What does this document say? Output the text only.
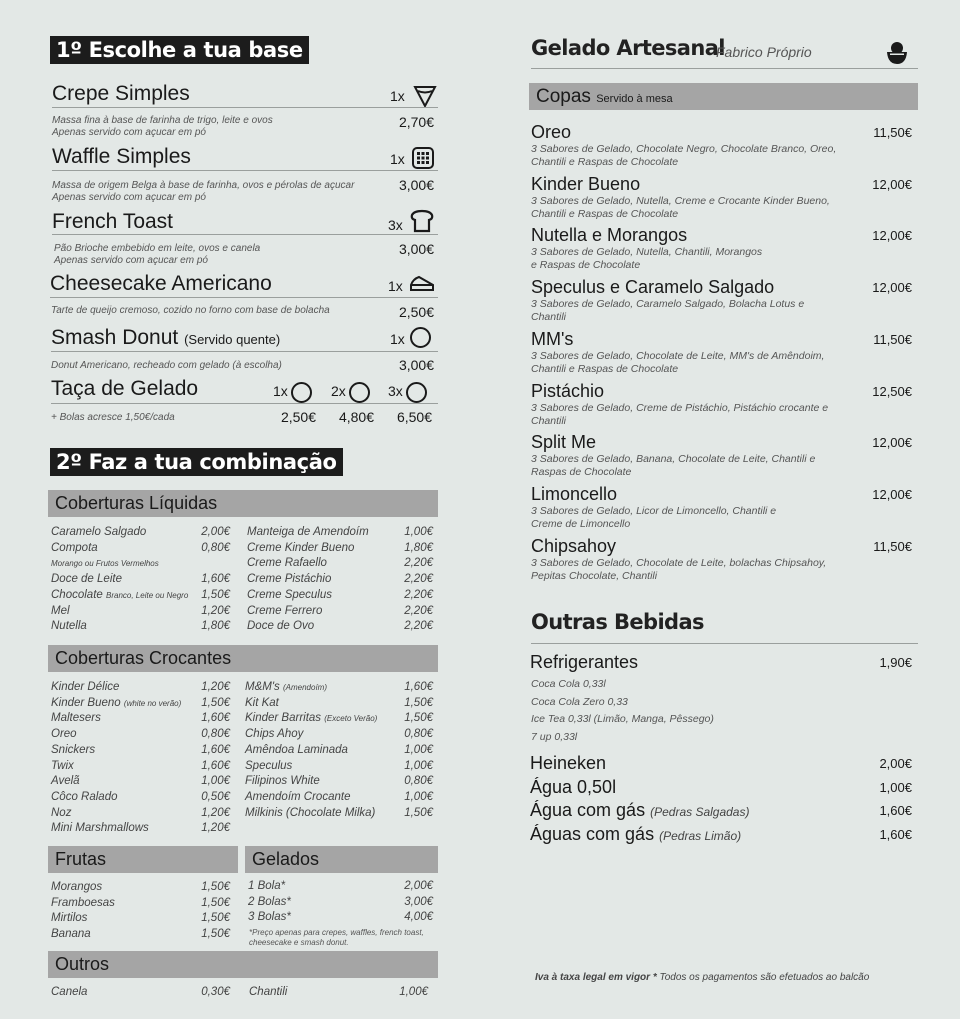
1º Escolhe a tua base
Crepe Simples	1x
Massa fina à base de farinha de trigo, leite e ovos
Apenas servido com açucar em pó
2,70€
Waffle Simples	1x
Massa de origem Belga à base de farinha, ovos e pérolas de açucar
Apenas servido com açucar em pó
3,00€
French Toast	3x
Pão Brioche embebido em leite, ovos e canela
Apenas servido com açucar em pó
3,00€
Cheesecake Americano	1x
Tarte de queijo cremoso, cozido no forno com base de bolacha	2,50€
Smash Donut (Servido quente)	1x
Donut Americano, recheado com gelado (à escolha)	3,00€
Taça de Gelado	1x	2x	3x
+ Bolas acresce 1,50€/cada	2,50€	4,80€	6,50€
2º Faz a tua combinação
Coberturas Líquidas
Caramelo Salgado	2,00€
Compota	0,80€
Morango ou Frutos Vermelhos
Doce de Leite	1,60€
Chocolate Branco, Leite ou Negro	1,50€
Mel	1,20€
Nutella	1,80€
Manteiga de Amendoím	1,00€
Creme Kinder Bueno	1,80€
Creme Rafaello	2,20€
Creme Pistáchio	2,20€
Creme Speculus	2,20€
Creme Ferrero	2,20€
Doce de Ovo	2,20€
Coberturas Crocantes
Kinder Délice	1,20€
Kinder Bueno (white no verão)	1,50€
Maltesers	1,60€
Oreo	0,80€
Snickers	1,60€
Twix	1,60€
Avelã	1,00€
Côco Ralado	0,50€
Noz	1,20€
Mini Marshmallows	1,20€
M&M's (Amendoím)	1,60€
Kit Kat	1,50€
Kinder Barritas (Exceto Verão)	1,50€
Chips Ahoy	0,80€
Amêndoa Laminada	1,00€
Speculus	1,00€
Filipinos White	0,80€
Amendoím Crocante	1,00€
Milkinis (Chocolate Milka)	1,50€
Frutas	Gelados
Morangos	1,50€
Framboesas	1,50€
Mirtilos	1,50€
Banana	1,50€
1 Bola*	2,00€
2 Bolas*	3,00€
3 Bolas*	4,00€
*Preço apenas para crepes, waffles, french toast,
cheesecake e smash donut.
Outros
Canela	0,30€ Chantili	1,00€
Gelado Artesanal
Fabrico Próprio
Copas Servido à mesa
Oreo	11,50€
3 Sabores de Gelado, Chocolate Negro, Chocolate Branco, Oreo,
Chantili e Raspas de Chocolate
Kinder Bueno	12,00€
3 Sabores de Gelado, Nutella, Creme e Crocante Kinder Bueno,
Chantili e Raspas de Chocolate
Nutella e Morangos	12,00€
3 Sabores de Gelado, Nutella, Chantili, Morangos
e Raspas de Chocolate
Speculus e Caramelo Salgado	12,00€
3 Sabores de Gelado, Caramelo Salgado, Bolacha Lotus e
Chantili
MM's	11,50€
3 Sabores de Gelado, Chocolate de Leite, MM's de Amêndoim,
Chantili e Raspas de Chocolate
Pistáchio	12,50€
3 Sabores de Gelado, Creme de Pistáchio, Pistáchio crocante e
Chantili
Split Me	12,00€
3 Sabores de Gelado, Banana, Chocolate de Leite, Chantili e
Raspas de Chocolate
Limoncello	12,00€
3 Sabores de Gelado, Licor de Limoncello, Chantili e
Creme de Limoncello
Chipsahoy	11,50€
3 Sabores de Gelado, Chocolate de Leite, bolachas Chipsahoy,
Pepitas Chocolate, Chantili
Outras Bebidas
Refrigerantes	1,90€
Coca Cola 0,33l
Coca Cola Zero 0,33
Ice Tea 0,33l (Limão, Manga, Pêssego)
7 up 0,33l
Heineken	2,00€
Água 0,50l	1,00€
Água com gás (Pedras Salgadas)	1,60€
Águas com gás (Pedras Limão)	1,60€
Iva à taxa legal em vigor * Todos os pagamentos são efetuados ao balcão
